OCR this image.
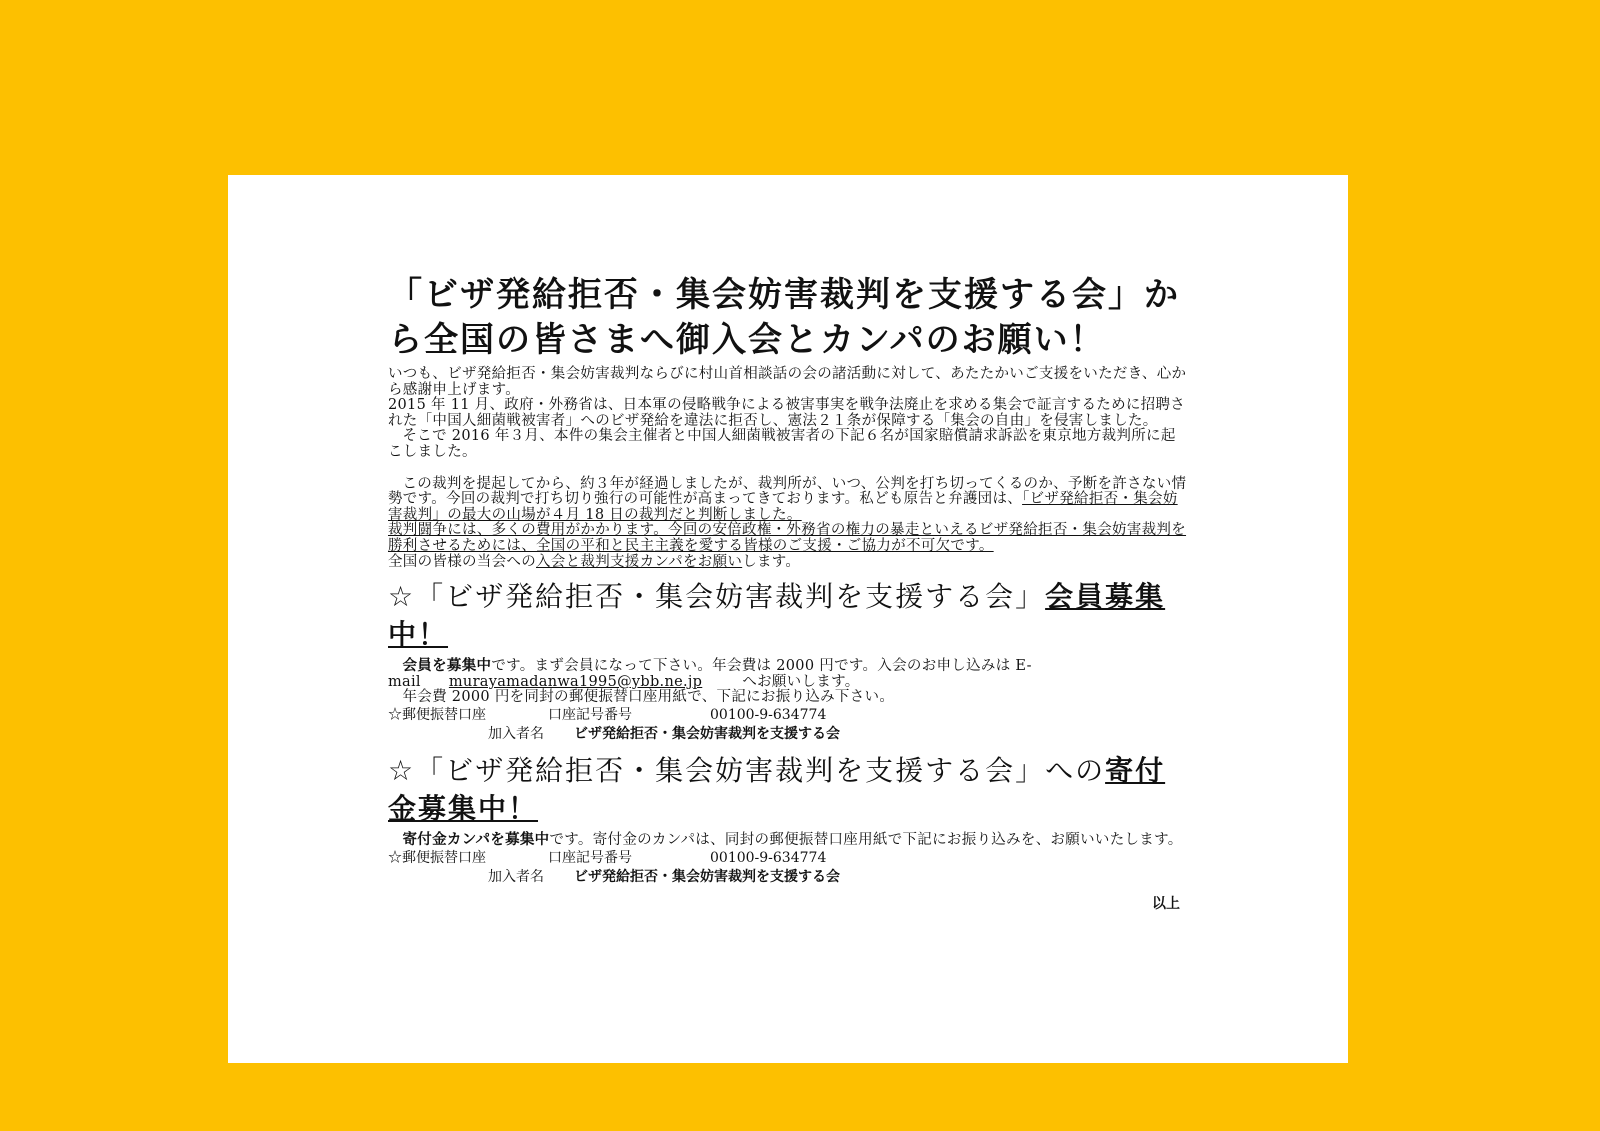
「ビザ発給拒否・集会妨害裁判を支援する会」から全国の皆さまへ御入会とカンパのお願い！

いつも、ビザ発給拒否・集会妨害裁判ならびに村山首相談話の会の諸活動に対して、あたたかいご支援をいただき、心から感謝申上げます。

2015 年 11 月、政府・外務省は、日本軍の侵略戦争による被害事実を戦争法廃止を求める集会で証言するために招聘された「中国人細菌戦被害者」へのビザ発給を違法に拒否し、憲法２１条が保障する「集会の自由」を侵害しました。

そこで 2016 年３月、本件の集会主催者と中国人細菌戦被害者の下記６名が国家賠償請求訴訟を東京地方裁判所に起こしました。

この裁判を提起してから、約３年が経過しましたが、裁判所が、いつ、公判を打ち切ってくるのか、予断を許さない情勢です。今回の裁判で打ち切り強行の可能性が高まってきております。私ども原告と弁護団は、「ビザ発給拒否・集会妨害裁判」の最大の山場が４月 18 日の裁判だと判断しました。

裁判闘争には、多くの費用がかかります。今回の安倍政権・外務省の権力の暴走といえるビザ発給拒否・集会妨害裁判を勝利させるためには、全国の平和と民主主義を愛する皆様のご支援・ご協力が不可欠です。

全国の皆様の当会への入会と裁判支援カンパをお願いします。

☆「ビザ発給拒否・集会妨害裁判を支援する会」会員募集中！

会員を募集中です。まず会員になって下さい。年会費は 2000 円です。入会のお申し込みは E-mail murayamadanwa1995@ybb.ne.jp	へお願いします。

年会費 2000 円を同封の郵便振替口座用紙で、下記にお振り込み下さい。

☆郵便振替口座	口座記号番号	00100-9-634774
加入者名 ビザ発給拒否・集会妨害裁判を支援する会
☆「ビザ発給拒否・集会妨害裁判を支援する会」への寄付金募集中！

寄付金カンパを募集中です。寄付金のカンパは、同封の郵便振替口座用紙で下記にお振り込みを、お願いいたします。

☆郵便振替口座	口座記号番号	00100-9-634774
加入者名 ビザ発給拒否・集会妨害裁判を支援する会
以上
